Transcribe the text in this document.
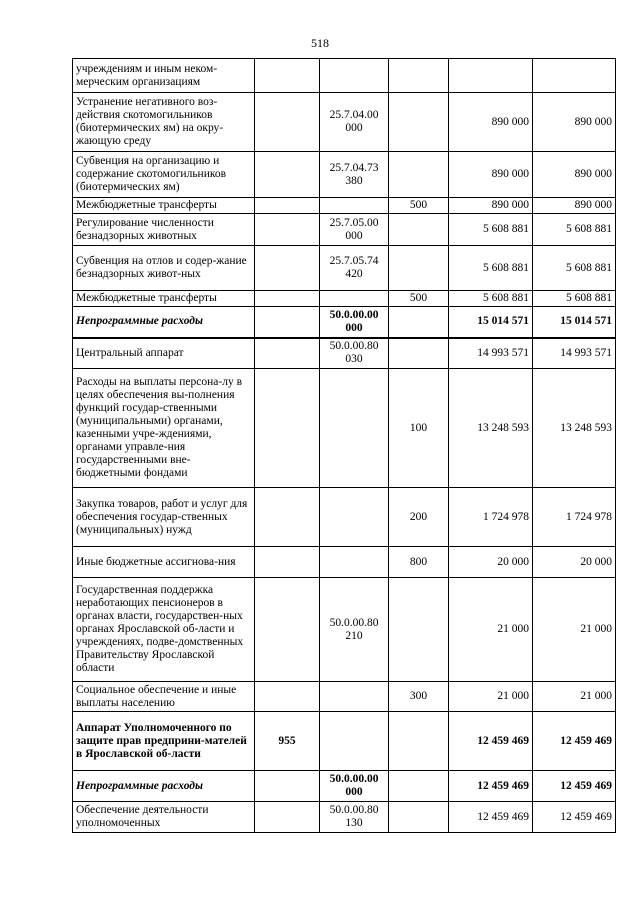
518
учреждениям и иным неком-мерческим организациям					
Устранение негативного воз-действия скотомогильников (биотермических ям) на окру-жающую среду		25.7.04.00 000		890 000	890 000
Субвенция на организацию и содержание скотомогильников (биотермических ям)		25.7.04.73 380		890 000	890 000
Межбюджетные трансферты			500	890 000	890 000
Регулирование численности безнадзорных животных		25.7.05.00 000		5 608 881	5 608 881
Субвенция на отлов и содер-жание безнадзорных живот-ных		25.7.05.74 420		5 608 881	5 608 881
Межбюджетные трансферты			500	5 608 881	5 608 881
Непрограммные расходы		50.0.00.00 000		15 014 571	15 014 571
Центральный аппарат		50.0.00.80 030		14 993 571	14 993 571
Расходы на выплаты персона-лу в целях обеспечения вы-полнения функций государ-ственными (муниципальными) органами, казенными учре-ждениями, органами управле-ния государственными вне-бюджетными фондами			100	13 248 593	13 248 593
Закупка товаров, работ и услуг для обеспечения государ-ственных (муниципальных) нужд			200	1 724 978	1 724 978
Иные бюджетные ассигнова-ния			800	20 000	20 000
Государственная поддержка неработающих пенсионеров в органах власти, государствен-ных органах Ярославской об-ласти и учреждениях, подве-домственных Правительству Ярославской области		50.0.00.80 210		21 000	21 000
Социальное обеспечение и иные выплаты населению			300	21 000	21 000
Аппарат Уполномоченного по защите прав предприни-мателей в Ярославской об-ласти	955			12 459 469	12 459 469
Непрограммные расходы		50.0.00.00 000		12 459 469	12 459 469
Обеспечение деятельности уполномоченных		50.0.00.80 130		12 459 469	12 459 469
